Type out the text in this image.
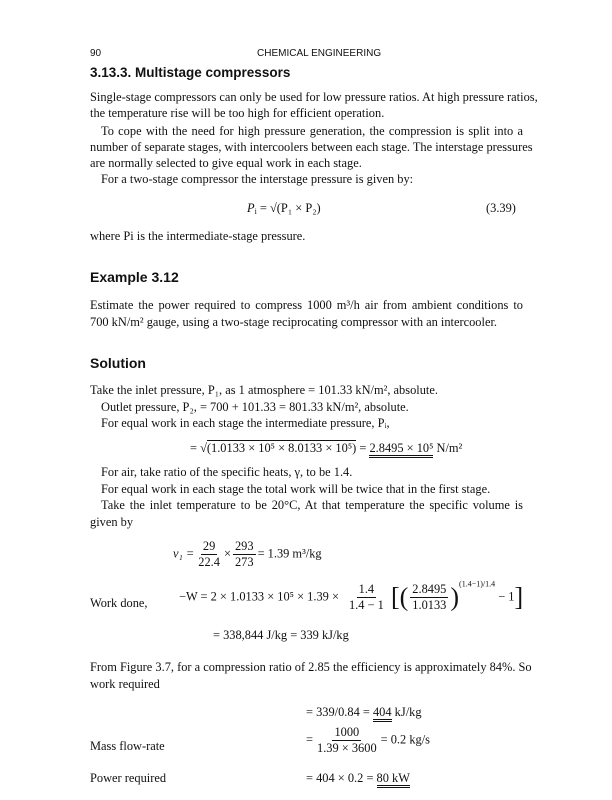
90	CHEMICAL ENGINEERING
3.13.3. Multistage compressors
Single-stage compressors can only be used for low pressure ratios. At high pressure ratios,
the temperature rise will be too high for efficient operation.
To cope with the need for high pressure generation, the compression is split into a
number of separate stages, with intercoolers between each stage. The interstage pressures
are normally selected to give equal work in each stage.
For a two-stage compressor the interstage pressure is given by:
$P_i = √(P_1 \times P_2)$	(3.39)
where Pi is the intermediate-stage pressure.
Example 3.12
Estimate the power required to compress 1000 m³/h air from ambient conditions to
700 kN/m² gauge, using a two-stage reciprocating compressor with an intercooler.
Solution
Take the inlet pressure, P₁, as 1 atmosphere = 101.33 kN/m², absolute.
Outlet pressure, P₂, = 700 + 101.33 = 801.33 kN/m², absolute.
For equal work in each stage the intermediate pressure, Pᵢ,
= √(1.0133 × 10⁵ × 8.0133 × 10⁵) = 2.8495 × 10⁵ N/m²
For air, take ratio of the specific heats, γ, to be 1.4.
For equal work in each stage the total work will be twice that in the first stage.
Take the inlet temperature to be 20°C, At that temperature the specific volume is
given by
$v_1 = \frac{29}{22.4} \times \frac{293}{273} = 1.39$ m³/kg
Work done,	$-W = 2 \times 1.0133 \times 10^5 \times 1.39 \times \frac{1.4}{1.4 - 1}$ [( $\frac{2.8495}{1.0133} )^{(1.4-1)/1.4} - 1$]
= 338,844 J/kg = 339 kJ/kg
From Figure 3.7, for a compression ratio of 2.85 the efficiency is approximately 84%. So
work required
= 339/0.84 = 404 kJ/kg
Mass flow-rate	= $\frac{1000}{1.39 \times 3600} = 0.2$ kg/s
Power required	= 404 × 0.2 = 80 kW
